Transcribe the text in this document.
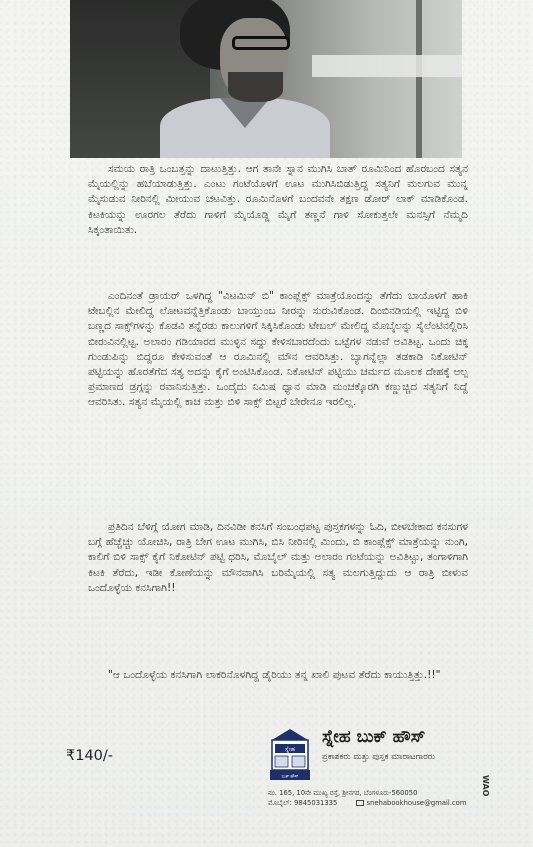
ಸಮಯ ರಾತ್ರಿ ಒಂಬತ್ತನ್ನು ದಾಟುತ್ತಿತ್ತು. ಆಗ ತಾನೇ ಸ್ನಾನ ಮುಗಿಸಿ ಬಾತ್ ರೂಮಿನಿಂದ ಹೊರಬಂದ ಸತ್ಯನ ಮೈಯಲ್ಲಿನ್ನು ಹಬೆಯಾಡುತ್ತಿತ್ತು. ಎಂಟು ಗಂಟೆಯೊಳಗೆ ಊಟ ಮುಗಿಸಿಬಿಡುತ್ತಿದ್ದ ಸತ್ಯನಿಗೆ ಮಲಗುವ ಮುನ್ನ ಮೈಸುಡುವ ನೀರಿನಲ್ಲಿ ಮೀಯುವ ಚಟವಿತ್ತು. ರೂಮಿನೊಳಗೆ ಬಂದವನೇ ತಕ್ಷಣ ಡೋರ್ ಲಾಕ್ ಮಾಡಿಕೊಂಡ. ಕಿಟಕಿಯನ್ನು ಊರಗಲ ತೆರೆದು ಗಾಳಿಗೆ ಮೈಯೊಡ್ಡಿ ಮೈಗೆ ತಣ್ಣನೆ ಗಾಳಿ ಸೋಕುತ್ತಲೇ ಮನಸ್ಸಿಗೆ ನೆಮ್ಮದಿ ಸಿಕ್ಕಂತಾಯಿತು.

ಎಂದಿನಂತೆ ಡ್ರಾಯರ್ ಒಳಗಿದ್ದ "ವಿಟಮಿನ್ ಬಿ" ಕಾಂಪ್ಲೆಕ್ಸ್ ಮಾತ್ರೆಯೊಂದನ್ನು ತೆಗೆದು ಬಾಯೊಳಗೆ ಹಾಕಿ ಟೇಬಲ್ಲಿನ ಮೇಲಿದ್ದ ಲೋಟವನ್ನೆತ್ತಿಕೊಂಡು ಬಾಯ್ತುಂಬ ನೀರನ್ನು ಸುರುವಿಕೊಂಡ. ದಿಂಬಿನಡಿಯಲ್ಲಿ ಇಟ್ಟಿದ್ದ ಬಿಳಿ ಬಣ್ಣದ ಸಾಕ್ಸ್‌ಗಳನ್ನು ಕೊಡವಿ ತನ್ನೆರಡು ಕಾಲುಗಳಿಗೆ ಸಿಕ್ಕಿಸಿಕೊಂಡು ಟೇಬಲ್ ಮೇಲಿದ್ದ ಮೊಬೈಲನ್ನು ಸೈಲೆಂಟಿನಲ್ಲಿರಿಸಿ ಬೀರುವಿನಲ್ಲಿಟ್ಟ. ಅಲಾರಂ ಗಡಿಯಾರದ ಮುಳ್ಳಿನ ಸದ್ದು ಕೇಳಿಸಬಾರದೆಂದು ಬಟ್ಟೆಗಳ ನಡುವೆ ಅವಿತಿಟ್ಟ. ಒಂದು ಚಿಕ್ಕ ಗುಂಡುಪಿನ್ನು ಬಿದ್ದರೂ ಕೇಳಿಸುವಂತೆ ಆ ರೂಮಿನಲ್ಲಿ ಮೌನ ಆವರಿಸಿತ್ತು. ಬ್ಯಾಗನ್ನೆಲ್ಲಾ ತಡಕಾಡಿ ನಿಕೋಟಿನ್ ಪಟ್ಟಿಯನ್ನು ಹೊರತೆಗೆದ ಸತ್ಯ ಅದನ್ನು ಕೈಗೆ ಅಂಟಿಸಿಕೊಂಡ. ನಿಕೋಟಿನ್ ಪಟ್ಟಿಯು ಚರ್ಮದ ಮೂಲಕ ದೇಹಕ್ಕೆ ಅಲ್ಪ ಪ್ರಮಾಣದ ಡ್ರಗ್ಗನ್ನು ರವಾನಿಸುತ್ತಿತ್ತು. ಒಂದೈದು ನಿಮಿಷ ಧ್ಯಾನ ಮಾಡಿ ಮಂಚಕ್ಕೊರಗಿ ಕಣ್ಣುಚ್ಚಿದ ಸತ್ಯನಿಗೆ ನಿದ್ದೆ ಆವರಿಸಿತು. ಸತ್ಯನ ಮೈಯಲ್ಲಿ ಕಾಚ ಮತ್ತು ಬಿಳಿ ಸಾಕ್ಸ್ ಬಿಟ್ಟರೆ ಬೇರೇನೂ ಇರಲಿಲ್ಲ.

ಪ್ರತಿದಿನ ಬೆಳಿಗ್ಗೆ ಯೋಗ ಮಾಡಿ, ದಿನವಿಡೀ ಕನಸಿಗೆ ಸಂಬಂಧಪಟ್ಟ ಪುಸ್ತಕಗಳನ್ನು ಓದಿ, ಬೀಳಬೇಕಾದ ಕನಸುಗಳ ಬಗ್ಗೆ ಹೆಚ್ಚೆಚ್ಚು ಯೋಚಿಸಿ, ರಾತ್ರಿ ಬೇಗ ಊಟ ಮುಗಿಸಿ, ಬಿಸಿ ನೀರಿನಲ್ಲಿ ಮಿಂದು, ಬಿ ಕಾಂಪ್ಲೆಕ್ಸ್ ಮಾತ್ರೆಯನ್ನು ನುಂಗಿ, ಕಾಲಿಗೆ ಬಿಳಿ ಸಾಕ್ಸ್ ಕೈಗೆ ನಿಕೋಟಿನ್ ಪಟ್ಟಿ ಧರಿಸಿ, ಮೊಬೈಲ್ ಮತ್ತು ಅಲಾರಂ ಗಂಟೆಯನ್ನು ಅವಿತಿಟ್ಟು, ತಂಗಾಳಿಗಾಗಿ ಕಿಟಕಿ ತೆರೆದು, ಇಡೀ ಕೋಣೆಯನ್ನು ಮೌನವಾಗಿಸಿ ಬರಿಮೈಯಲ್ಲಿ ಸತ್ಯ ಮಲಗುತ್ತಿದ್ದುದು ಆ ರಾತ್ರಿ ಬೀಳುವ ಒಂದೊಳ್ಳೆಯ ಕನಸಿಗಾಗಿ!!

"ಆ ಒಂದೊಳ್ಳೆಯ ಕನಸಿಗಾಗಿ ಲಾಕರಿನೊಳಗಿದ್ದ ಡೈರಿಯು ತನ್ನ ಖಾಲಿ ಪುಟವ ತೆರೆದು ಕಾಯುತ್ತಿತ್ತು.!!"

₹140/-	ಸ್ನೇಹ
ಬುಕ್ ಹೌಸ್
ಸ್ನೇಹ ಬುಕ್ ಹೌಸ್
ಪ್ರಕಾಶಕರು ಮತ್ತು ಪುಸ್ತಕ ಮಾರಾಟಗಾರರು
ನಂ. 165, 10ನೇ ಮುಖ್ಯ ರಸ್ತೆ, ಶ್ರೀನಗರ, ಬೆಂಗಳೂರು-560050
ಮೊಬೈಲ್: 9845031335	snehabookhouse@gmail.com
WAO
